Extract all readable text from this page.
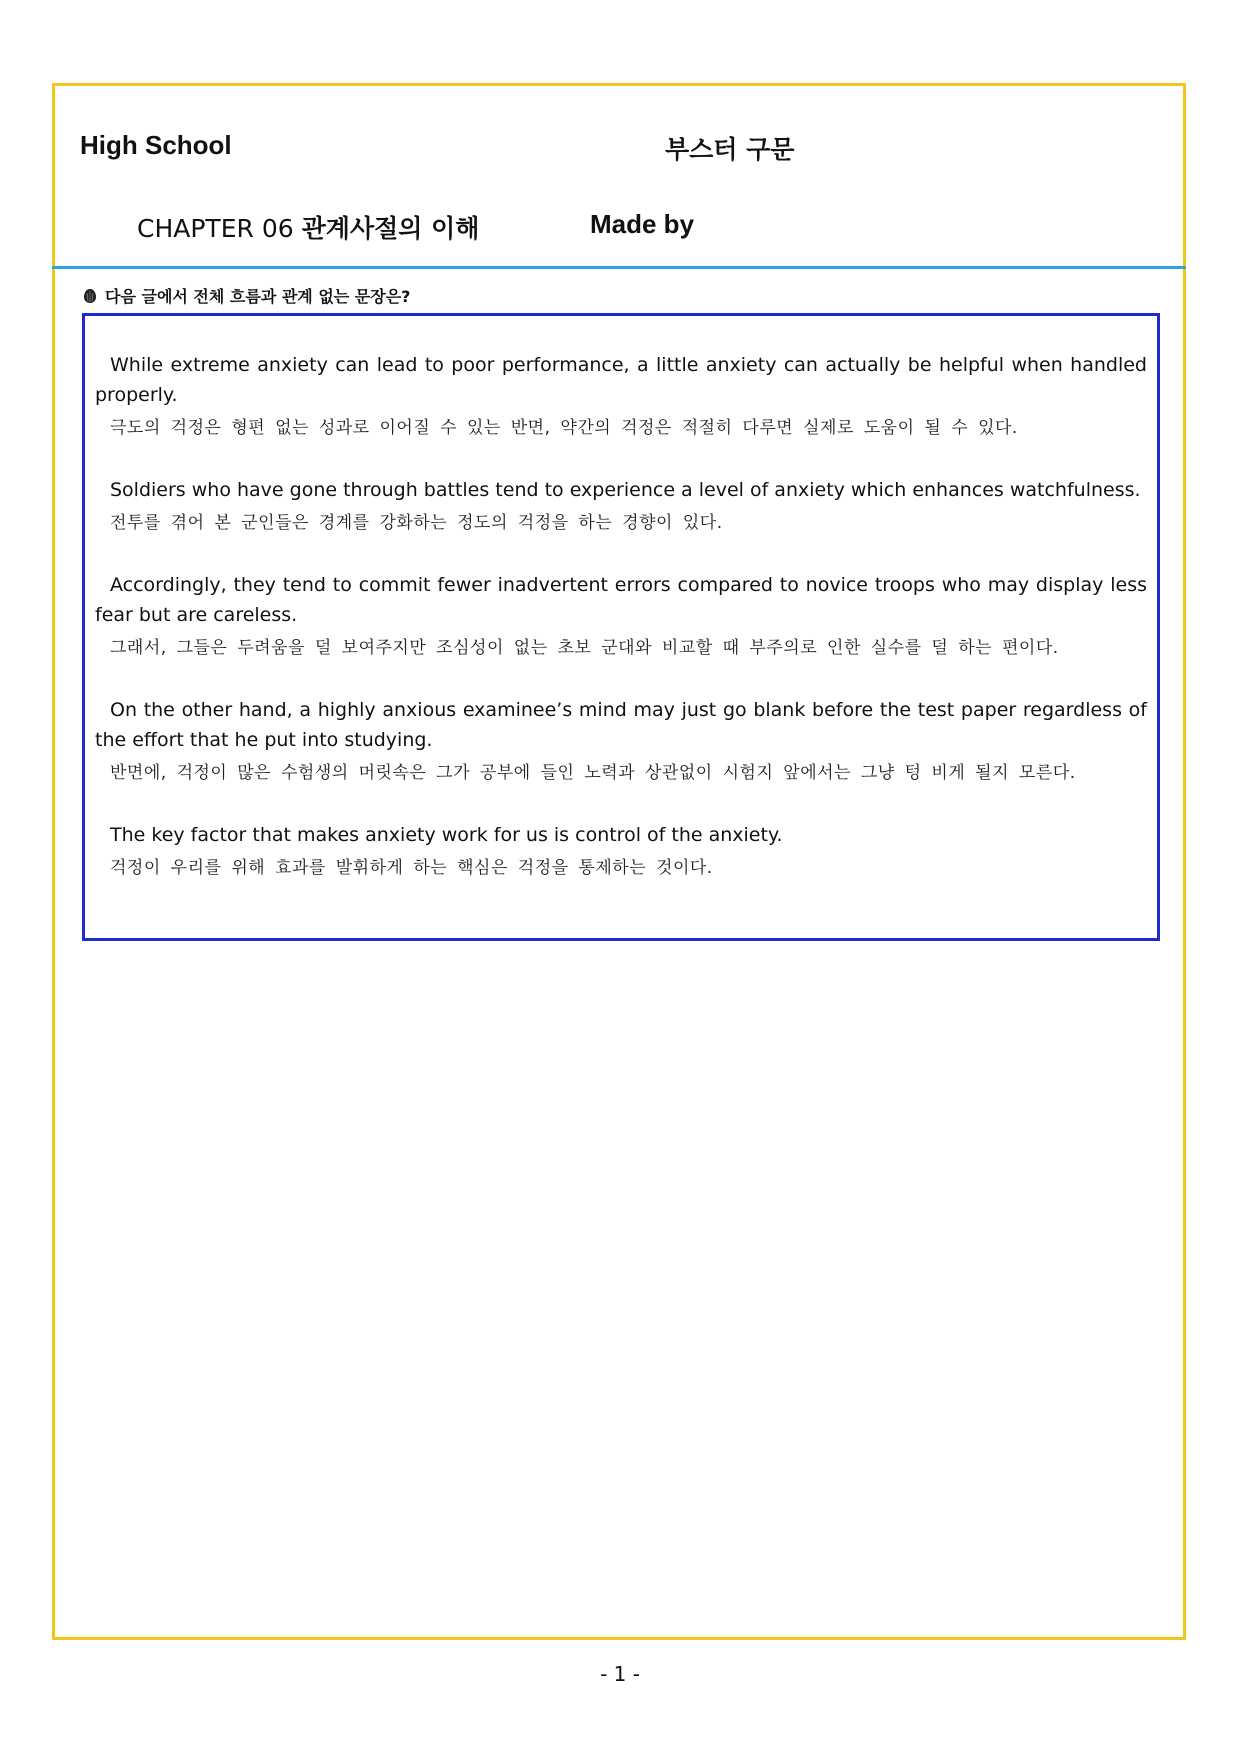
High School	부스터 구문
CHAPTER 06 관계사절의 이해	Made by
다음 글에서 전체 흐름과 관계 없는 문장은?

While extreme anxiety can lead to poor performance, a little anxiety can actually be helpful when handled properly.

극도의 걱정은 형편 없는 성과로 이어질 수 있는 반면, 약간의 걱정은 적절히 다루면 실제로 도움이 될 수 있다.

Soldiers who have gone through battles tend to experience a level of anxiety which enhances watchfulness.

전투를 겪어 본 군인들은 경계를 강화하는 정도의 걱정을 하는 경향이 있다.

Accordingly, they tend to commit fewer inadvertent errors compared to novice troops who may display less fear but are careless.

그래서, 그들은 두려움을 덜 보여주지만 조심성이 없는 초보 군대와 비교할 때 부주의로 인한 실수를 덜 하는 편이다.

On the other hand, a highly anxious examinee’s mind may just go blank before the test paper regardless of the effort that he put into studying.

반면에, 걱정이 많은 수험생의 머릿속은 그가 공부에 들인 노력과 상관없이 시험지 앞에서는 그냥 텅 비게 될지 모른다.

The key factor that makes anxiety work for us is control of the anxiety.

걱정이 우리를 위해 효과를 발휘하게 하는 핵심은 걱정을 통제하는 것이다.
- 1 -
